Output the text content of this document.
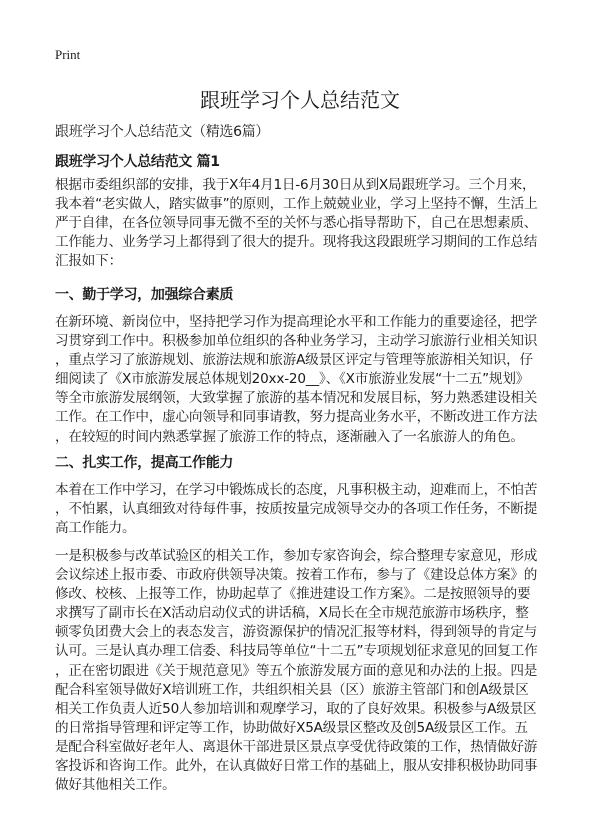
Print
跟班学习个人总结范文
跟班学习个人总结范文（精选6篇）
跟班学习个人总结范文 篇1
根据市委组织部的安排，我于X年4月1日-6月30日从到X局跟班学习。三个月来，
我本着“老实做人，踏实做事”的原则，工作上兢兢业业，学习上坚持不懈，生活上
严于自律，在各位领导同事无微不至的关怀与悉心指导帮助下，自己在思想素质、
工作能力、业务学习上都得到了很大的提升。现将我这段跟班学习期间的工作总结
汇报如下：
一、勤于学习，加强综合素质
在新环境、新岗位中，坚持把学习作为提高理论水平和工作能力的重要途径，把学
习贯穿到工作中。积极参加单位组织的各种业务学习，主动学习旅游行业相关知识
，重点学习了旅游规划、旅游法规和旅游A级景区评定与管理等旅游相关知识，仔
细阅读了《X市旅游发展总体规划20xx-20__》、《X市旅游业发展“十二五”规划》
等全市旅游发展纲领，大致掌握了旅游的基本情况和发展目标，努力熟悉建设相关
工作。在工作中，虚心向领导和同事请教，努力提高业务水平，不断改进工作方法
，在较短的时间内熟悉掌握了旅游工作的特点，逐渐融入了一名旅游人的角色。
二、扎实工作，提高工作能力
本着在工作中学习，在学习中锻炼成长的态度，凡事积极主动，迎难而上，不怕苦
，不怕累，认真细致对待每件事，按质按量完成领导交办的各项工作任务，不断提
高工作能力。
一是积极参与改革试验区的相关工作，参加专家咨询会，综合整理专家意见，形成
会议综述上报市委、市政府供领导决策。按着工作布，参与了《建设总体方案》的
修改、校核、上报等工作，协助起草了《推进建设工作方案》。二是按照领导的要
求撰写了副市长在X活动启动仪式的讲话稿，X局长在全市规范旅游市场秩序，整
顿零负团费大会上的表态发言，游资源保护的情况汇报等材料，得到领导的肯定与
认可。三是认真办理工信委、科技局等单位“十二五”专项规划征求意见的回复工作
，正在密切跟进《关于规范意见》等五个旅游发展方面的意见和办法的上报。四是
配合科室领导做好X培训班工作，共组织相关县（区）旅游主管部门和创A级景区
相关工作负责人近50人参加培训和观摩学习，取的了良好效果。积极参与A级景区
的日常指导管理和评定等工作，协助做好X5A级景区整改及创5A级景区工作。五
是配合科室做好老年人、离退休干部进景区景点享受优待政策的工作，热情做好游
客投诉和咨询工作。此外，在认真做好日常工作的基础上，服从安排积极协助同事
做好其他相关工作。
